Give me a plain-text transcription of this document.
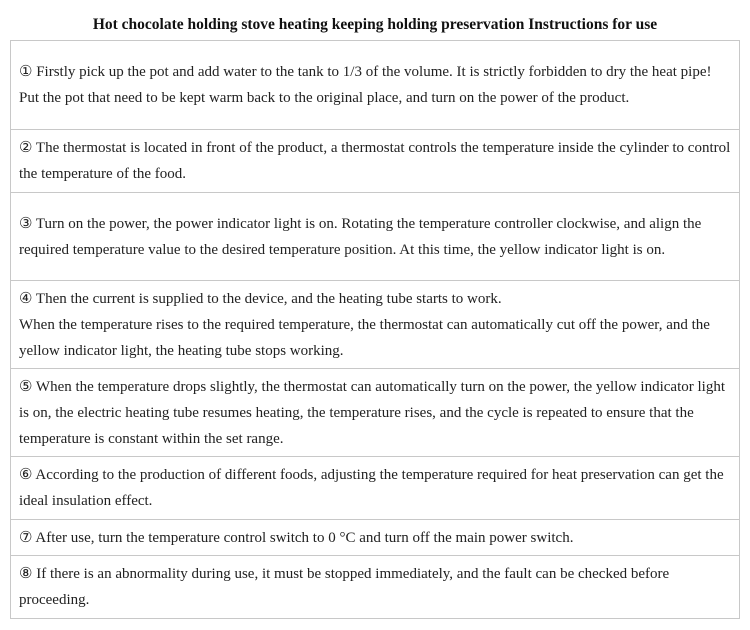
Hot chocolate holding stove heating keeping holding preservation Instructions for use
① Firstly pick up the pot and add water to the tank to 1/3 of the volume. It is strictly forbidden to dry the heat pipe! Put the pot that need to be kept warm back to the original place, and turn on the power of the product.
② The thermostat is located in front of the product, a thermostat controls the temperature inside the cylinder to control the temperature of the food.
③ Turn on the power, the power indicator light is on. Rotating the temperature controller clockwise, and align the required temperature value to the desired temperature position. At this time, the yellow indicator light is on.
④ Then the current is supplied to the device, and the heating tube starts to work.
When the temperature rises to the required temperature, the thermostat can automatically cut off the power, and the yellow indicator light, the heating tube stops working.
⑤ When the temperature drops slightly, the thermostat can automatically turn on the power, the yellow indicator light is on, the electric heating tube resumes heating, the temperature rises, and the cycle is repeated to ensure that the temperature is constant within the set range.
⑥ According to the production of different foods, adjusting the temperature required for heat preservation can get the ideal insulation effect.
⑦ After use, turn the temperature control switch to 0 °C and turn off the main power switch.
⑧ If there is an abnormality during use, it must be stopped immediately, and the fault can be checked before proceeding.
